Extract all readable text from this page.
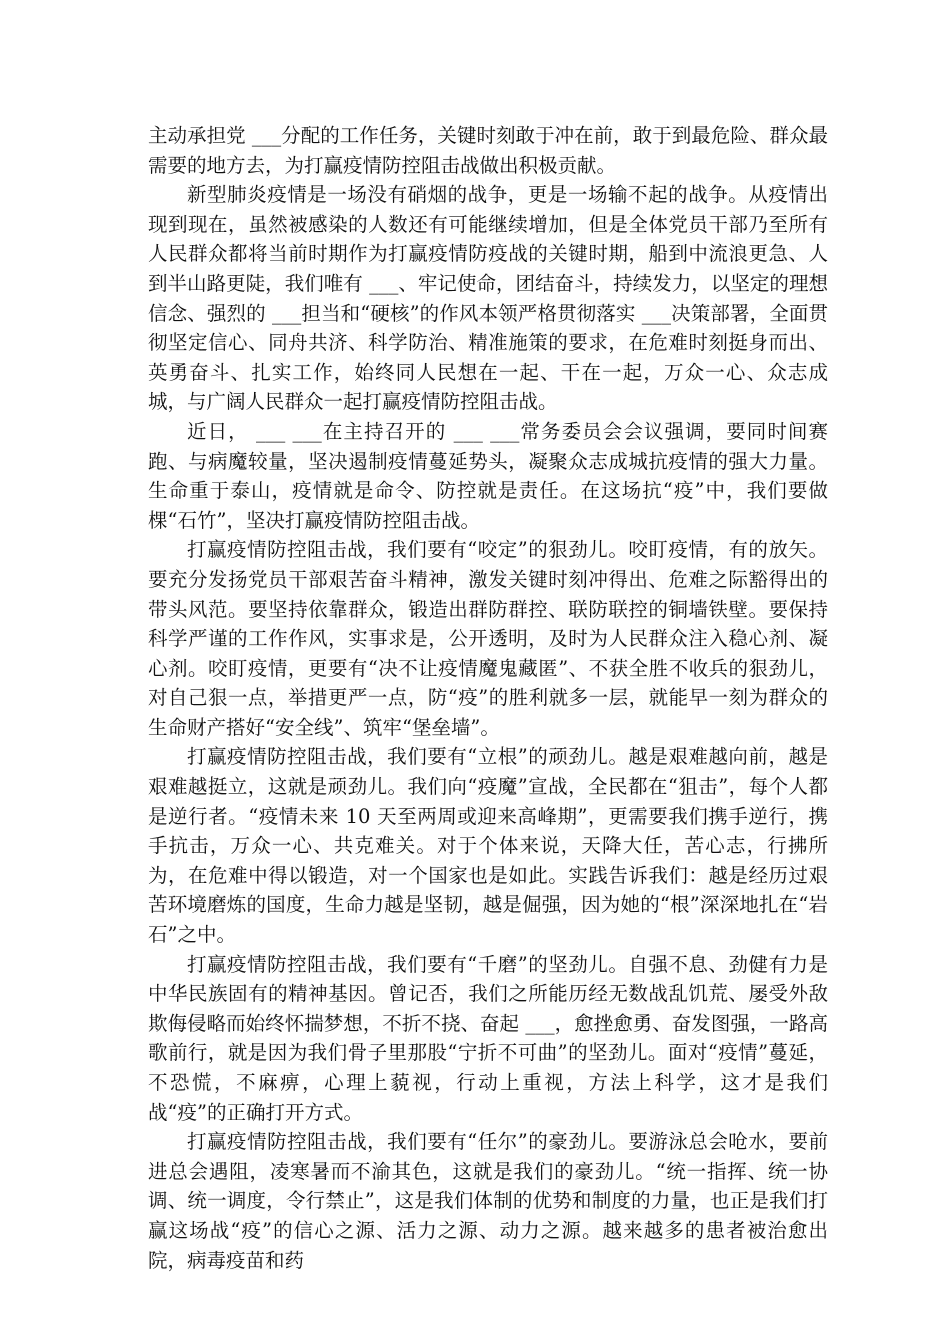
主动承担党 ___分配的工作任务，关键时刻敢于冲在前，敢于到最危险、群众最需要的地方去，为打赢疫情防控阻击战做出积极贡献。

新型肺炎疫情是一场没有硝烟的战争，更是一场输不起的战争。从疫情出现到现在，虽然被感染的人数还有可能继续增加，但是全体党员干部乃至所有人民群众都将当前时期作为打赢疫情防疫战的关键时期，船到中流浪更急、人到半山路更陡，我们唯有 ___、牢记使命，团结奋斗，持续发力，以坚定的理想信念、强烈的 ___担当和“硬核”的作风本领严格贯彻落实 ___决策部署，全面贯彻坚定信心、同舟共济、科学防治、精准施策的要求，在危难时刻挺身而出、英勇奋斗、扎实工作，始终同人民想在一起、干在一起，万众一心、众志成城，与广阔人民群众一起打赢疫情防控阻击战。

近日， ___ ___在主持召开的 ___ ___常务委员会会议强调，要同时间赛跑、与病魔较量，坚决遏制疫情蔓延势头，凝聚众志成城抗疫情的强大力量。生命重于泰山，疫情就是命令、防控就是责任。在这场抗“疫”中，我们要做棵“石竹”，坚决打赢疫情防控阻击战。

打赢疫情防控阻击战，我们要有“咬定”的狠劲儿。咬盯疫情，有的放矢。要充分发扬党员干部艰苦奋斗精神，激发关键时刻冲得出、危难之际豁得出的带头风范。要坚持依靠群众，锻造出群防群控、联防联控的铜墙铁壁。要保持科学严谨的工作作风，实事求是，公开透明，及时为人民群众注入稳心剂、凝心剂。咬盯疫情，更要有“决不让疫情魔鬼藏匿”、不获全胜不收兵的狠劲儿，对自己狠一点，举措更严一点，防“疫”的胜利就多一层，就能早一刻为群众的生命财产搭好“安全线”、筑牢“堡垒墙”。

打赢疫情防控阻击战，我们要有“立根”的顽劲儿。越是艰难越向前，越是艰难越挺立，这就是顽劲儿。我们向“疫魔”宣战，全民都在“狙击”，每个人都是逆行者。“疫情未来 10 天至两周或迎来高峰期”，更需要我们携手逆行，携手抗击，万众一心、共克难关。对于个体来说，天降大任，苦心志，行拂所为，在危难中得以锻造，对一个国家也是如此。实践告诉我们：越是经历过艰苦环境磨炼的国度，生命力越是坚韧，越是倔强，因为她的“根”深深地扎在“岩石”之中。

打赢疫情防控阻击战，我们要有“千磨”的坚劲儿。自强不息、劲健有力是中华民族固有的精神基因。曾记否，我们之所能历经无数战乱饥荒、屡受外敌欺侮侵略而始终怀揣梦想，不折不挠、奋起 ___，愈挫愈勇、奋发图强，一路高歌前行，就是因为我们骨子里那股“宁折不可曲”的坚劲儿。面对“疫情”蔓延，不恐慌，不麻痹，心理上藐视，行动上重视，方法上科学，这才是我们战“疫”的正确打开方式。

打赢疫情防控阻击战，我们要有“任尔”的豪劲儿。要游泳总会呛水，要前进总会遇阻，凌寒暑而不渝其色，这就是我们的豪劲儿。“统一指挥、统一协调、统一调度，令行禁止”，这是我们体制的优势和制度的力量，也正是我们打赢这场战“疫”的信心之源、活力之源、动力之源。越来越多的患者被治愈出院，病毒疫苗和药
